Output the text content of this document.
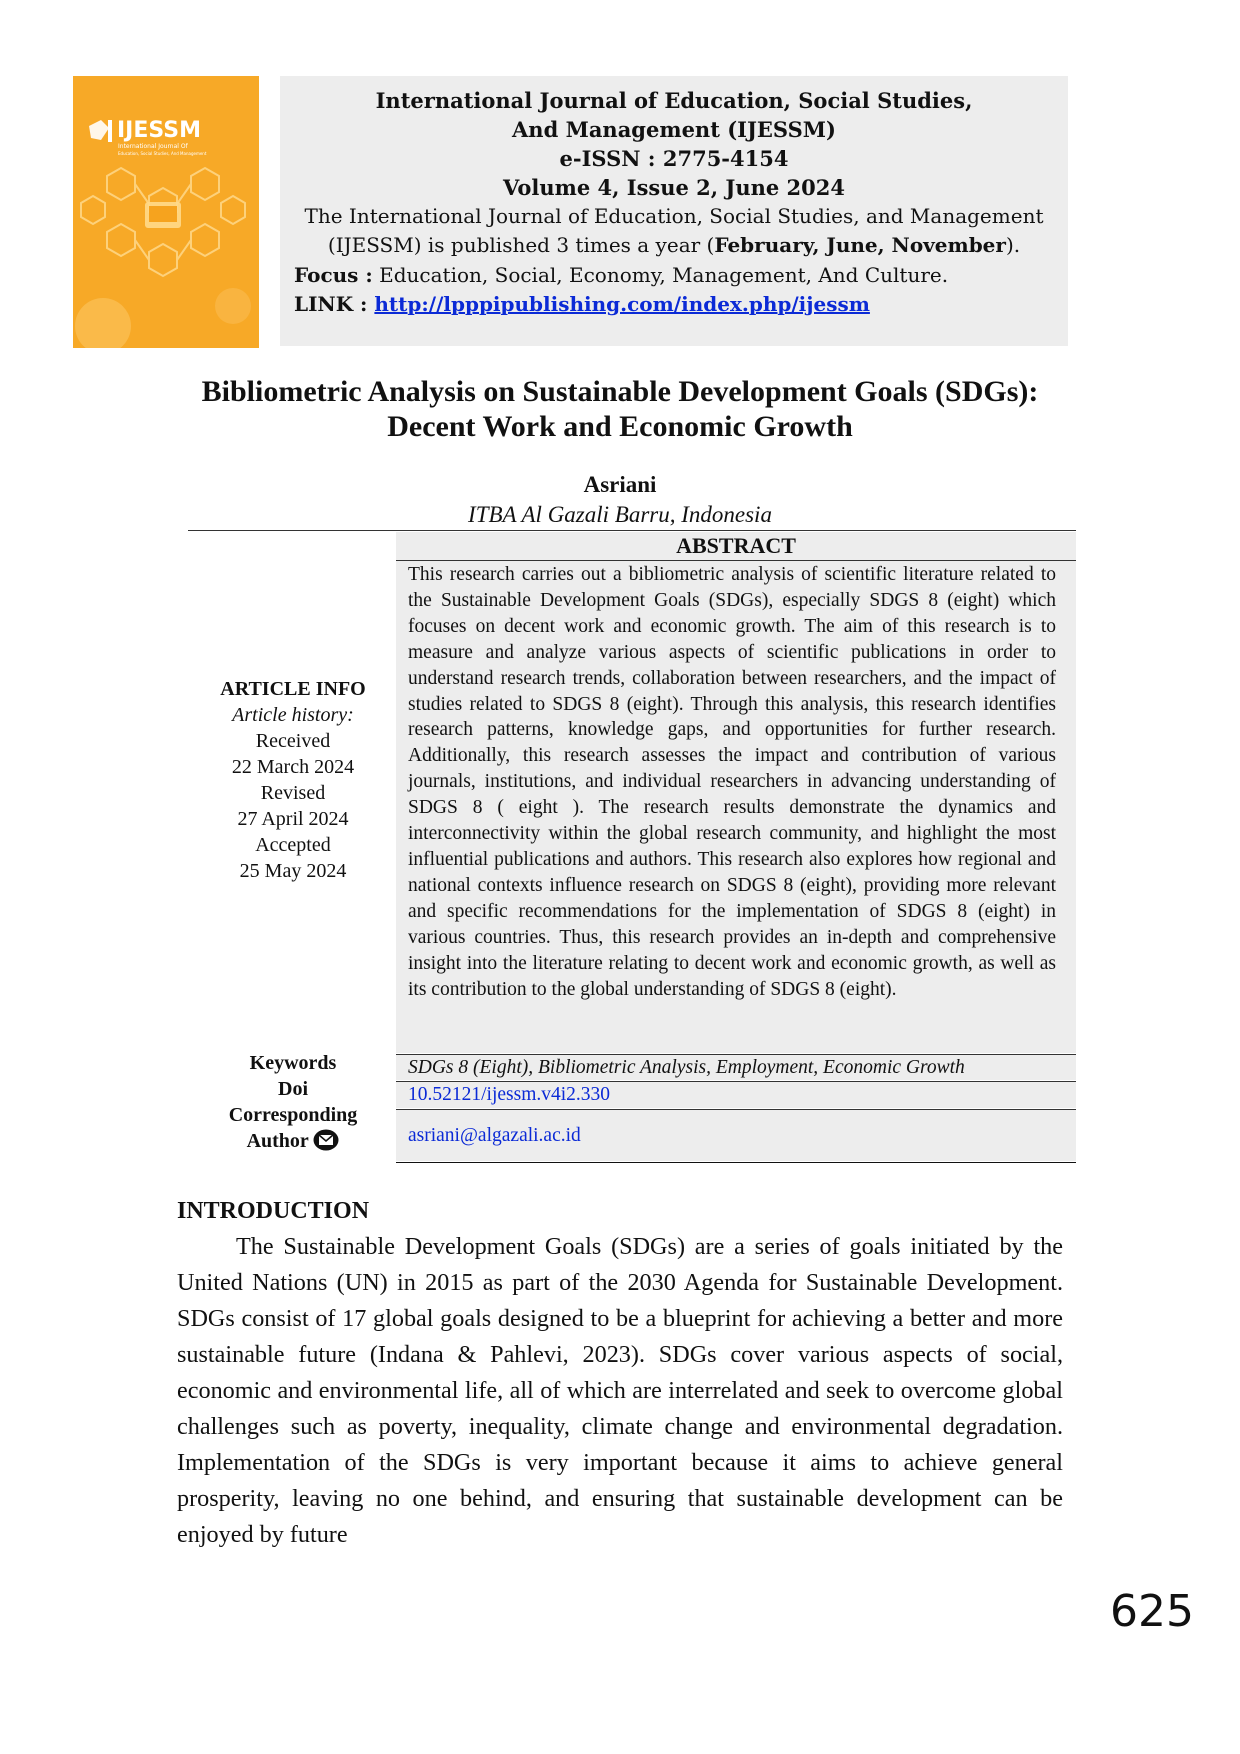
IJESSM
International Journal Of
Education, Social Studies, And Management
International Journal of Education, Social Studies,
And Management (IJESSM)
e-ISSN : 2775-4154
Volume 4, Issue 2, June 2024
The International Journal of Education, Social Studies, and Management
(IJESSM) is published 3 times a year (February, June, November).
Focus : Education, Social, Economy, Management, And Culture.
LINK : http://lpppipublishing.com/index.php/ijessm
Bibliometric Analysis on Sustainable Development Goals (SDGs):
Decent Work and Economic Growth
Asriani
ITBA Al Gazali Barru, Indonesia
ABSTRACT
This research carries out a bibliometric analysis of scientific literature related to the Sustainable Development Goals (SDGs), especially SDGS 8 (eight) which focuses on decent work and economic growth. The aim of this research is to measure and analyze various aspects of scientific publications in order to understand research trends, collaboration between researchers, and the impact of studies related to SDGS 8 (eight). Through this analysis, this research identifies research patterns, knowledge gaps, and opportunities for further research. Additionally, this research assesses the impact and contribution of various journals, institutions, and individual researchers in advancing understanding of SDGS 8 ( eight ). The research results demonstrate the dynamics and interconnectivity within the global research community, and highlight the most influential publications and authors. This research also explores how regional and national contexts influence research on SDGS 8 (eight), providing more relevant and specific recommendations for the implementation of SDGS 8 (eight) in various countries. Thus, this research provides an in-depth and comprehensive insight into the literature relating to decent work and economic growth, as well as its contribution to the global understanding of SDGS 8 (eight).
ARTICLE INFO
Article history:
Received
22 March 2024
Revised
27 April 2024
Accepted
25 May 2024
Keywords	SDGs 8 (Eight), Bibliometric Analysis, Employment, Economic Growth
Doi	10.52121/ijessm.v4i2.330
Corresponding
Author	asriani@algazali.ac.id
INTRODUCTION
The Sustainable Development Goals (SDGs) are a series of goals initiated by the United Nations (UN) in 2015 as part of the 2030 Agenda for Sustainable Development. SDGs consist of 17 global goals designed to be a blueprint for achieving a better and more sustainable future (Indana & Pahlevi, 2023). SDGs cover various aspects of social, economic and environmental life, all of which are interrelated and seek to overcome global challenges such as poverty, inequality, climate change and environmental degradation. Implementation of the SDGs is very important because it aims to achieve general prosperity, leaving no one behind, and ensuring that sustainable development can be enjoyed by future
625
